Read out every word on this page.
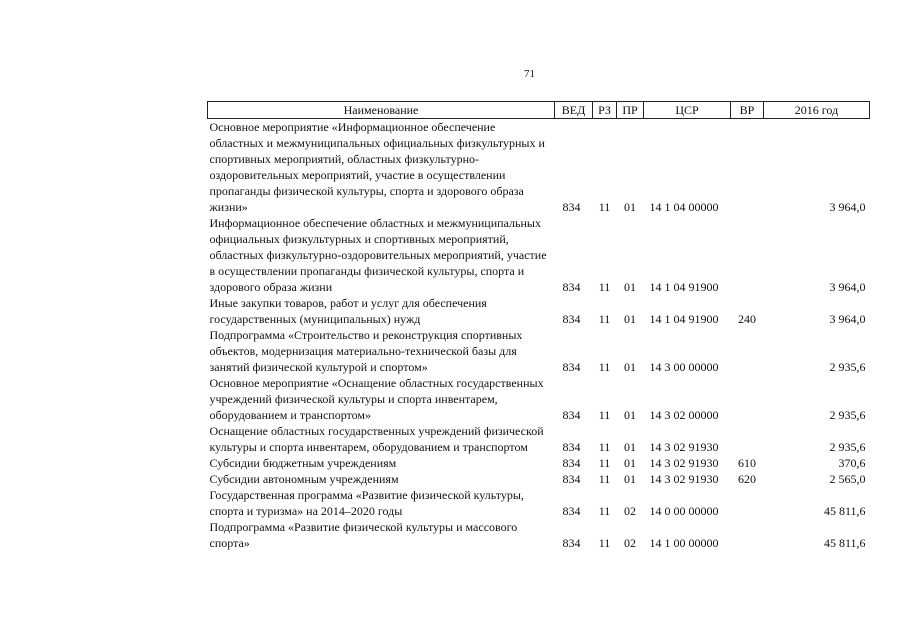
71
Наименование	ВЕД	РЗ	ПР	ЦСР	ВР	2016 год
Основное мероприятие «Информационное обеспечение областных и межмуниципальных официальных физкультурных и спортивных мероприятий, областных физкультурно-оздоровительных мероприятий, участие в осуществлении пропаганды физической культуры, спорта и здорового образа жизни»	834	11	01	14 1 04 00000		3 964,0
Информационное обеспечение областных и межмуниципальных официальных физкультурных и спортивных мероприятий, областных физкультурно-оздоровительных мероприятий, участие в осуществлении пропаганды физической культуры, спорта и здорового образа жизни	834	11	01	14 1 04 91900		3 964,0
Иные закупки товаров, работ и услуг для обеспечения государственных (муниципальных) нужд	834	11	01	14 1 04 91900	240	3 964,0
Подпрограмма «Строительство и реконструкция спортивных объектов, модернизация материально-технической базы для занятий физической культурой и спортом»	834	11	01	14 3 00 00000		2 935,6
Основное мероприятие «Оснащение областных государственных учреждений физической культуры и спорта инвентарем, оборудованием и транспортом»	834	11	01	14 3 02 00000		2 935,6
Оснащение областных государственных учреждений физической культуры и спорта инвентарем, оборудованием и транспортом	834	11	01	14 3 02 91930		2 935,6
Субсидии бюджетным учреждениям	834	11	01	14 3 02 91930	610	370,6
Субсидии автономным учреждениям	834	11	01	14 3 02 91930	620	2 565,0
Государственная программа «Развитие физической культуры, спорта и туризма» на 2014–2020 годы	834	11	02	14 0 00 00000		45 811,6
Подпрограмма «Развитие физической культуры и массового спорта»	834	11	02	14 1 00 00000		45 811,6
